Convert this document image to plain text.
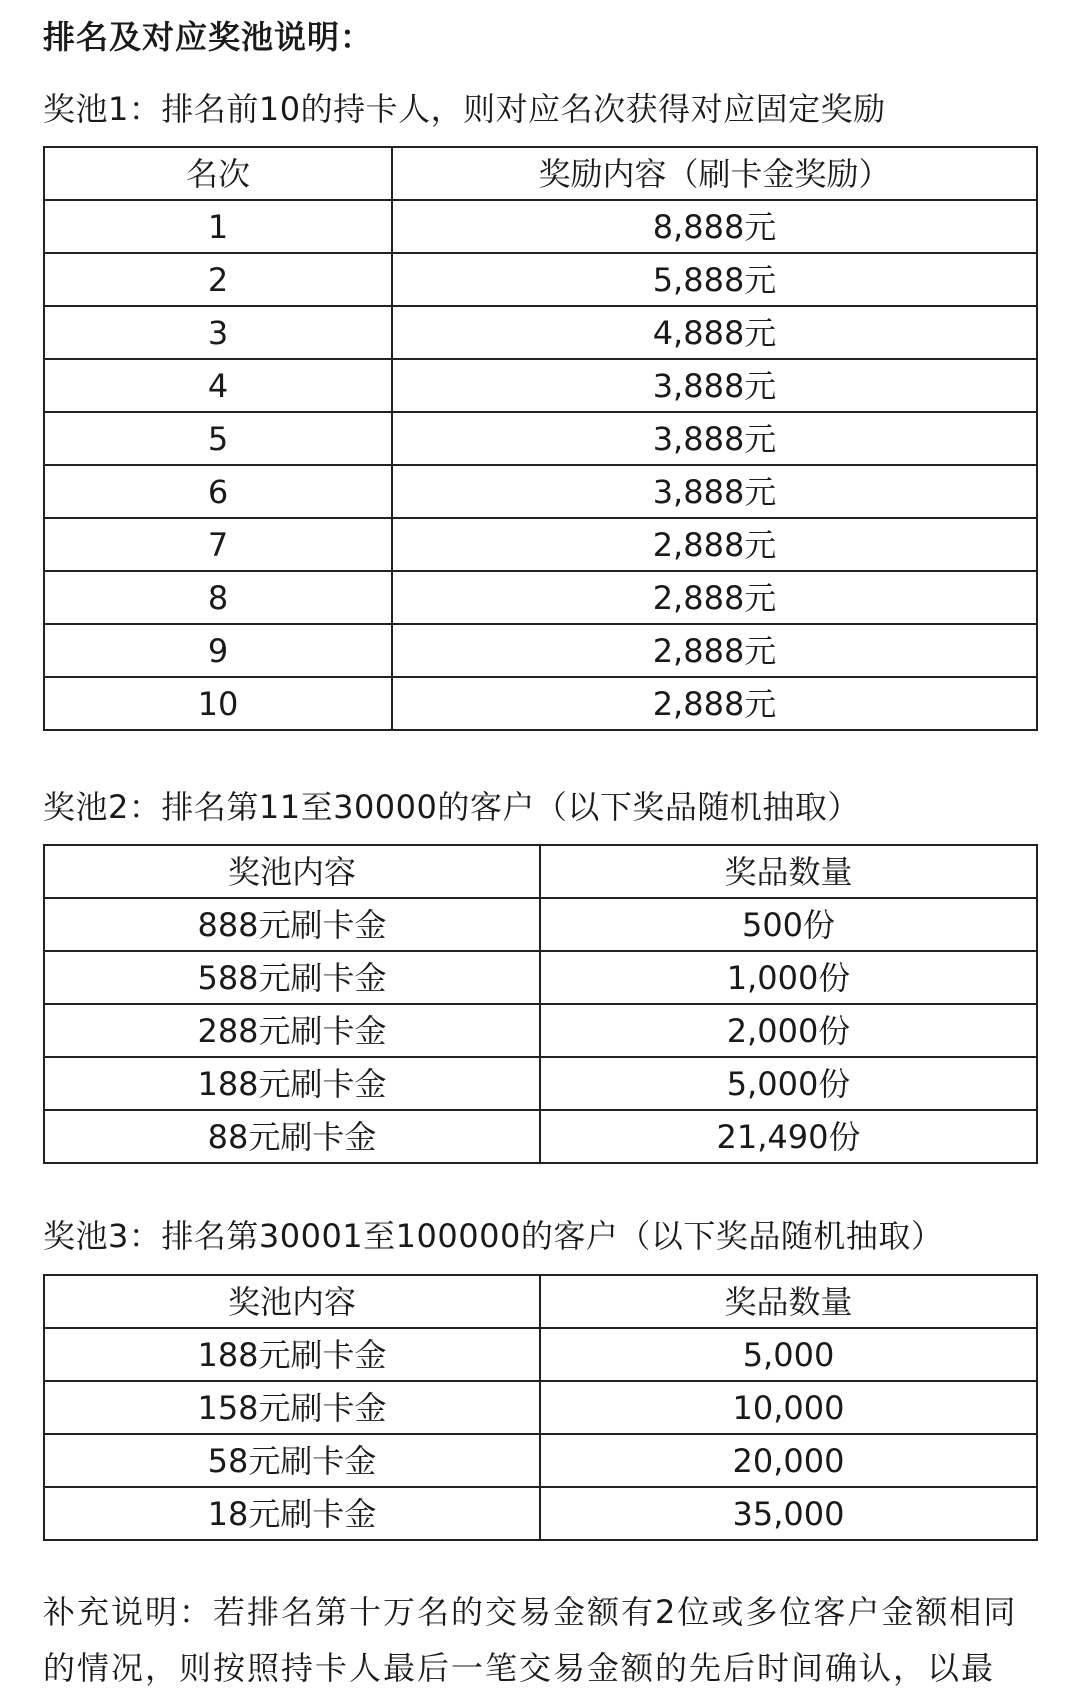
排名及对应奖池说明：
奖池1：排名前10的持卡人，则对应名次获得对应固定奖励
名次	奖励内容（刷卡金奖励）
1	8,888元
2	5,888元
3	4,888元
4	3,888元
5	3,888元
6	3,888元
7	2,888元
8	2,888元
9	2,888元
10	2,888元
奖池2：排名第11至30000的客户（以下奖品随机抽取）
奖池内容	奖品数量
888元刷卡金	500份
588元刷卡金	1,000份
288元刷卡金	2,000份
188元刷卡金	5,000份
88元刷卡金	21,490份
奖池3：排名第30001至100000的客户（以下奖品随机抽取）
奖池内容	奖品数量
188元刷卡金	5,000
158元刷卡金	10,000
58元刷卡金	20,000
18元刷卡金	35,000
补充说明：若排名第十万名的交易金额有2位或多位客户金额相同的情况，则按照持卡人最后一笔交易金额的先后时间确认，以最
